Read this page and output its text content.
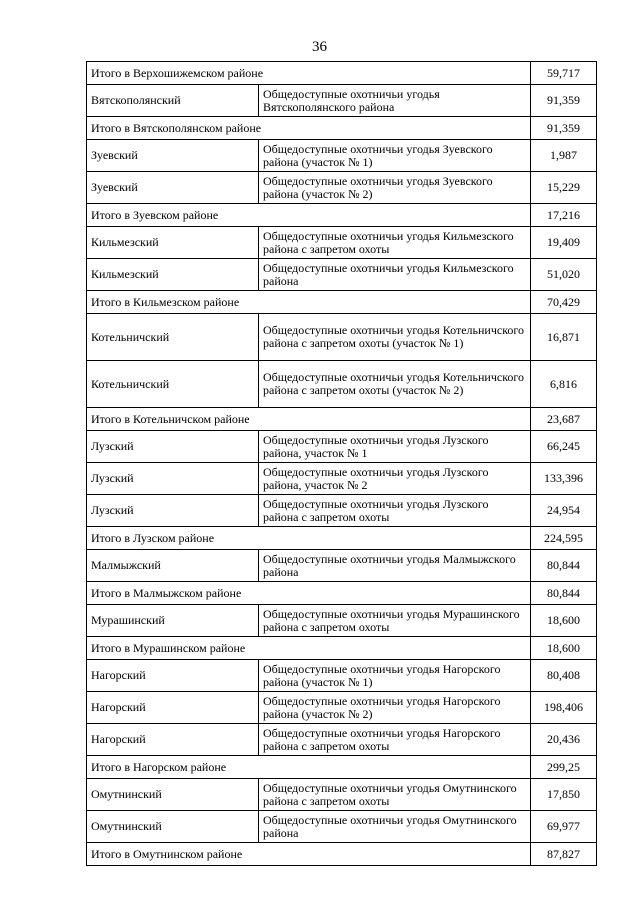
36
Итого в Верхошижемском районе		59,717
Вятскополянский	Общедоступные охотничьи угодья Вятскополянского района	91,359
Итого в Вятскополянском районе		91,359
Зуевский	Общедоступные охотничьи угодья Зуевского района (участок № 1)	1,987
Зуевский	Общедоступные охотничьи угодья Зуевского района (участок № 2)	15,229
Итого в Зуевском районе		17,216
Кильмезский	Общедоступные охотничьи угодья Кильмезского района с запретом охоты	19,409
Кильмезский	Общедоступные охотничьи угодья Кильмезского района	51,020
Итого в Кильмезском районе		70,429
Котельничский	Общедоступные охотничьи угодья Котельничского района с запретом охоты (участок № 1)	16,871
Котельничский	Общедоступные охотничьи угодья Котельничского района с запретом охоты (участок № 2)	6,816
Итого в Котельничском районе		23,687
Лузский	Общедоступные охотничьи угодья Лузского района, участок № 1	66,245
Лузский	Общедоступные охотничьи угодья Лузского района, участок № 2	133,396
Лузский	Общедоступные охотничьи угодья Лузского района с запретом охоты	24,954
Итого в Лузском районе		224,595
Малмыжский	Общедоступные охотничьи угодья Малмыжского района	80,844
Итого в Малмыжском районе		80,844
Мурашинский	Общедоступные охотничьи угодья Мурашинского района с запретом охоты	18,600
Итого в Мурашинском районе		18,600
Нагорский	Общедоступные охотничьи угодья Нагорского района (участок № 1)	80,408
Нагорский	Общедоступные охотничьи угодья Нагорского района (участок № 2)	198,406
Нагорский	Общедоступные охотничьи угодья Нагорского района с запретом охоты	20,436
Итого в Нагорском районе		299,25
Омутнинский	Общедоступные охотничьи угодья Омутнинского района с запретом охоты	17,850
Омутнинский	Общедоступные охотничьи угодья Омутнинского района	69,977
Итого в Омутнинском районе		87,827
